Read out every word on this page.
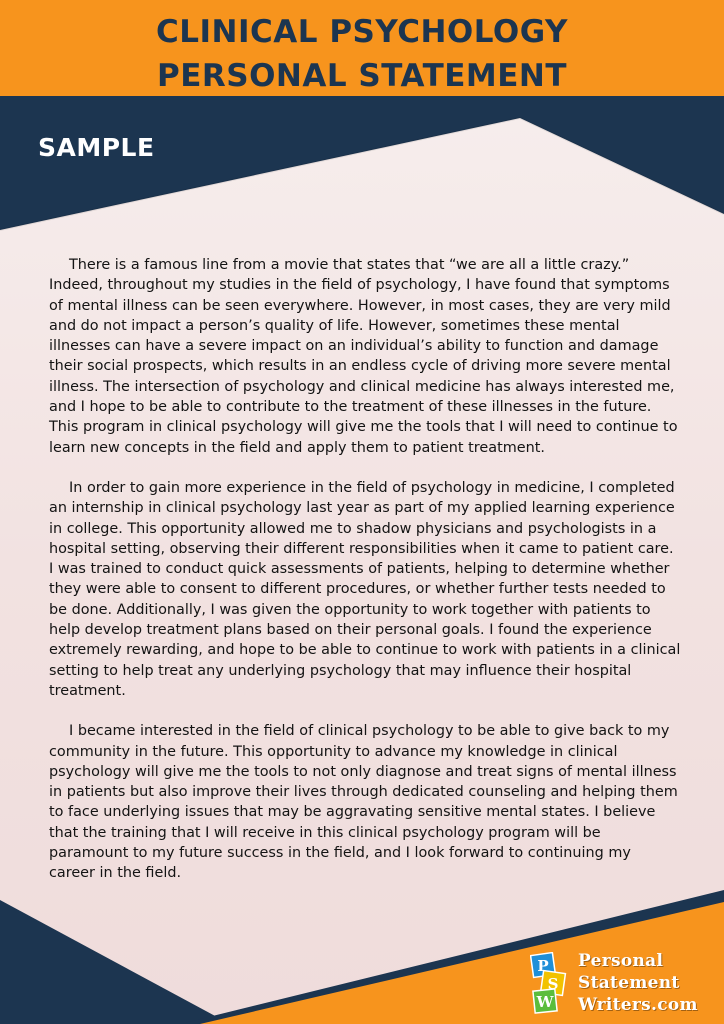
CLINICAL PSYCHOLOGY
PERSONAL STATEMENT
SAMPLE

There is a famous line from a movie that states that “we are all a little crazy.” Indeed, throughout my studies in the field of psychology, I have found that symptoms of mental illness can be seen everywhere. However, in most cases, they are very mild and do not impact a person’s quality of life. However, sometimes these mental illnesses can have a severe impact on an individual’s ability to function and damage their social prospects, which results in an endless cycle of driving more severe mental illness. The intersection of psychology and clinical medicine has always interested me, and I hope to be able to contribute to the treatment of these illnesses in the future. This program in clinical psychology will give me the tools that I will need to continue to learn new concepts in the field and apply them to patient treatment.

In order to gain more experience in the field of psychology in medicine, I completed an internship in clinical psychology last year as part of my applied learning experience in college. This opportunity allowed me to shadow physicians and psychologists in a hospital setting, observing their different responsibilities when it came to patient care. I was trained to conduct quick assessments of patients, helping to determine whether they were able to consent to different procedures, or whether further tests needed to be done. Additionally, I was given the opportunity to work together with patients to help develop treatment plans based on their personal goals. I found the experience extremely rewarding, and hope to be able to continue to work with patients in a clinical setting to help treat any underlying psychology that may influence their hospital treatment.

I became interested in the field of clinical psychology to be able to give back to my community in the future. This opportunity to advance my knowledge in clinical psychology will give me the tools to not only diagnose and treat signs of mental illness in patients but also improve their lives through dedicated counseling and helping them to face underlying issues that may be aggravating sensitive mental states. I believe that the training that I will receive in this clinical psychology program will be paramount to my future success in the field, and I look forward to continuing my career in the field.

P
S
W
Personal
Statement
Writers.com
